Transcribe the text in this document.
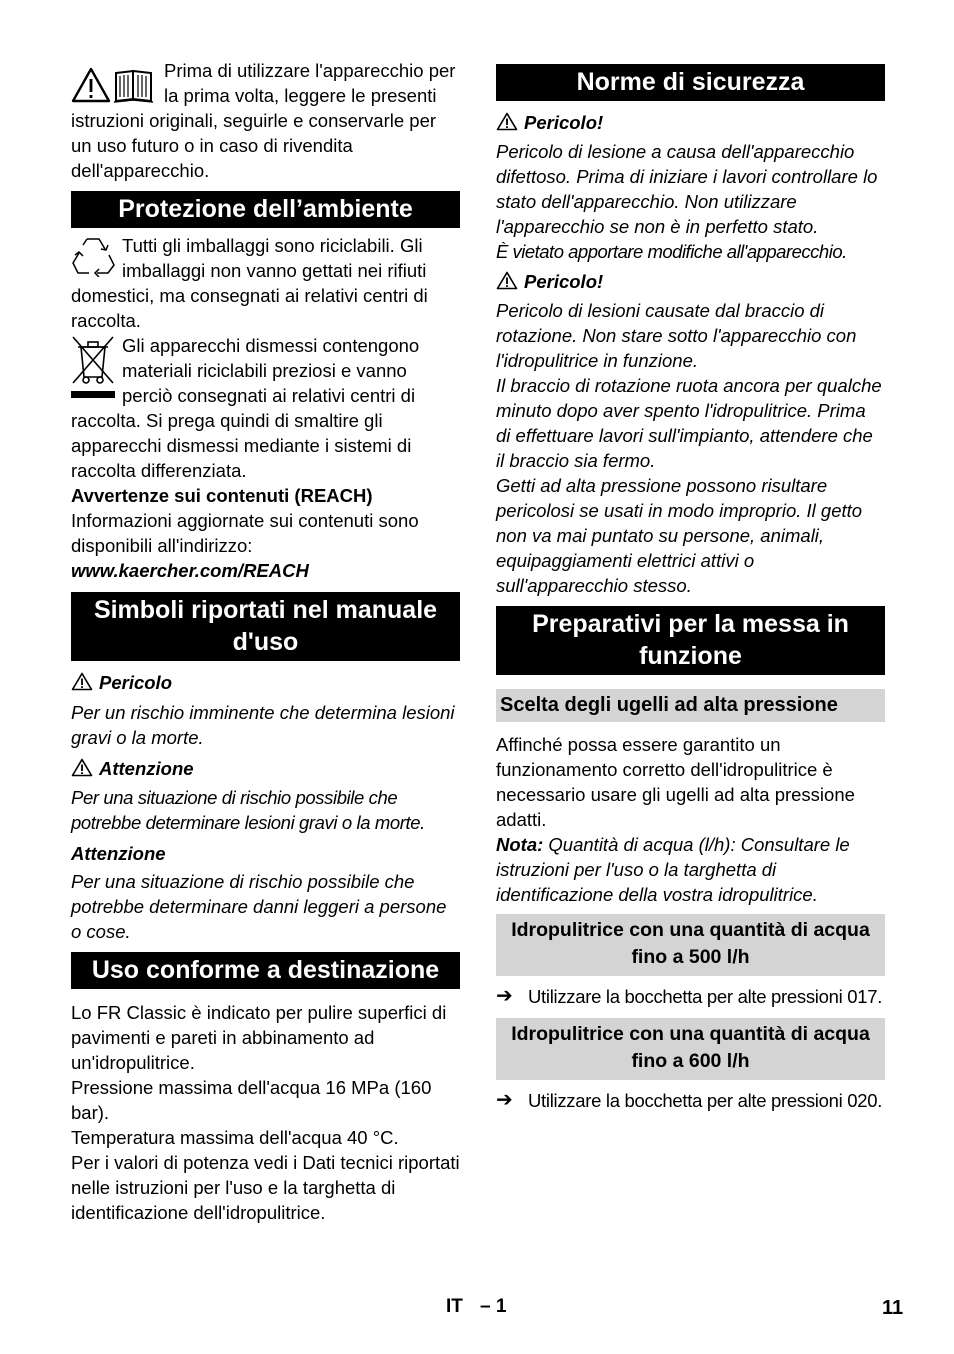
Prima di utilizzare l'apparecchio per la prima volta, leggere le presenti istruzioni originali, seguirle e conservarle per un uso futuro o in caso di rivendita dell'apparecchio.

Protezione dell’ambiente

Tutti gli imballaggi sono riciclabili. Gli imballaggi non vanno gettati nei rifiuti domestici, ma consegnati ai relativi centri di raccolta.

Gli apparecchi dismessi contengono materiali riciclabili preziosi e vanno perciò consegnati ai relativi centri di raccolta. Si prega quindi di smaltire gli apparecchi dismessi mediante i sistemi di raccolta differenziata.

Avvertenze sui contenuti (REACH)

Informazioni aggiornate sui contenuti sono disponibili all'indirizzo:

www.kaercher.com/REACH

Simboli riportati nel manuale d'uso
Pericolo

Per un rischio imminente che determina lesioni gravi o la morte.

Attenzione

Per una situazione di rischio possibile che potrebbe determinare lesioni gravi o la morte.

Attenzione

Per una situazione di rischio possibile che potrebbe determinare danni leggeri a persone o cose.

Uso conforme a destinazione

Lo FR Classic è indicato per pulire superfici di pavimenti e pareti in abbinamento ad un'idropulitrice.

Pressione massima dell'acqua 16 MPa (160 bar).

Temperatura massima dell'acqua 40 °C.

Per i valori di potenza vedi i Dati tecnici riportati nelle istruzioni per l'uso e la targhetta di identificazione dell'idropulitrice.

Norme di sicurezza
Pericolo!

Pericolo di lesione a causa dell'apparecchio difettoso. Prima di iniziare i lavori controllare lo stato dell'apparecchio. Non utilizzare l'apparecchio se non è in perfetto stato.

È vietato apportare modifiche all'apparecchio.

Pericolo!

Pericolo di lesioni causate dal braccio di rotazione. Non stare sotto l'apparecchio con l'idropulitrice in funzione.

Il braccio di rotazione ruota ancora per qualche minuto dopo aver spento l'idropulitrice. Prima di effettuare lavori sull'impianto, attendere che il braccio sia fermo.

Getti ad alta pressione possono risultare pericolosi se usati in modo improprio. Il getto non va mai puntato su persone, animali, equipaggiamenti elettrici attivi o sull'apparecchio stesso.

Preparativi per la messa in funzione
Scelta degli ugelli ad alta pressione

Affinché possa essere garantito un funzionamento corretto dell'idropulitrice è necessario usare gli ugelli ad alta pressione adatti.

Nota: Quantità di acqua (l/h): Consultare le istruzioni per l'uso o la targhetta di identificazione della vostra idropulitrice.

Idropulitrice con una quantità di acqua fino a 500 l/h
➔ Utilizzare la bocchetta per alte pressioni 017.

Idropulitrice con una quantità di acqua fino a 600 l/h
➔ Utilizzare la bocchetta per alte pressioni 020.

IT – 1	11
